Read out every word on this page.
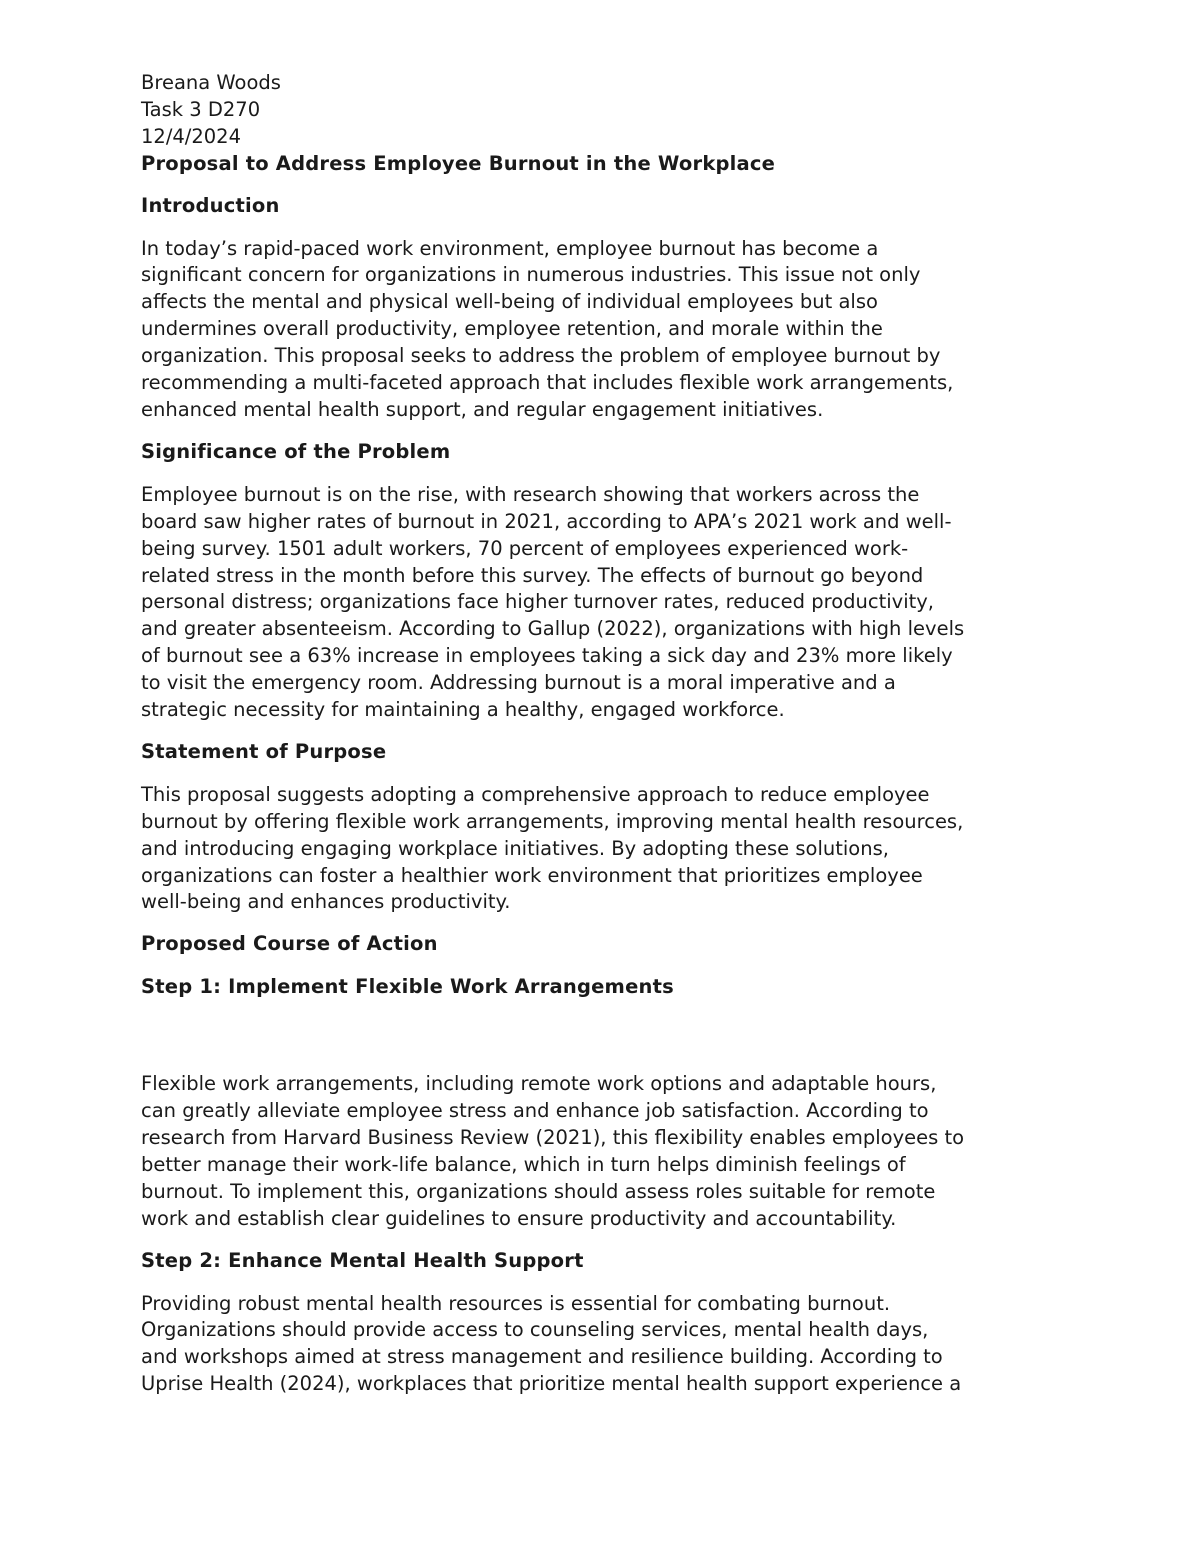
Breana Woods

Task 3 D270

12/4/2024

Proposal to Address Employee Burnout in the Workplace

Introduction

In today’s rapid-paced work environment, employee burnout has become a
significant concern for organizations in numerous industries. This issue not only
affects the mental and physical well-being of individual employees but also
undermines overall productivity, employee retention, and morale within the
organization. This proposal seeks to address the problem of employee burnout by
recommending a multi-faceted approach that includes flexible work arrangements,
enhanced mental health support, and regular engagement initiatives.

Significance of the Problem

Employee burnout is on the rise, with research showing that workers across the
board saw higher rates of burnout in 2021, according to APA’s 2021 work and well-
being survey. 1501 adult workers, 70 percent of employees experienced work-
related stress in the month before this survey. The effects of burnout go beyond
personal distress; organizations face higher turnover rates, reduced productivity,
and greater absenteeism. According to Gallup (2022), organizations with high levels
of burnout see a 63% increase in employees taking a sick day and 23% more likely
to visit the emergency room. Addressing burnout is a moral imperative and a
strategic necessity for maintaining a healthy, engaged workforce.

Statement of Purpose

This proposal suggests adopting a comprehensive approach to reduce employee
burnout by offering flexible work arrangements, improving mental health resources,
and introducing engaging workplace initiatives. By adopting these solutions,
organizations can foster a healthier work environment that prioritizes employee
well-being and enhances productivity.

Proposed Course of Action

Step 1: Implement Flexible Work Arrangements

Flexible work arrangements, including remote work options and adaptable hours,
can greatly alleviate employee stress and enhance job satisfaction. According to
research from Harvard Business Review (2021), this flexibility enables employees to
better manage their work-life balance, which in turn helps diminish feelings of
burnout. To implement this, organizations should assess roles suitable for remote
work and establish clear guidelines to ensure productivity and accountability.

Step 2: Enhance Mental Health Support

Providing robust mental health resources is essential for combating burnout.
Organizations should provide access to counseling services, mental health days,
and workshops aimed at stress management and resilience building. According to
Uprise Health (2024), workplaces that prioritize mental health support experience a
